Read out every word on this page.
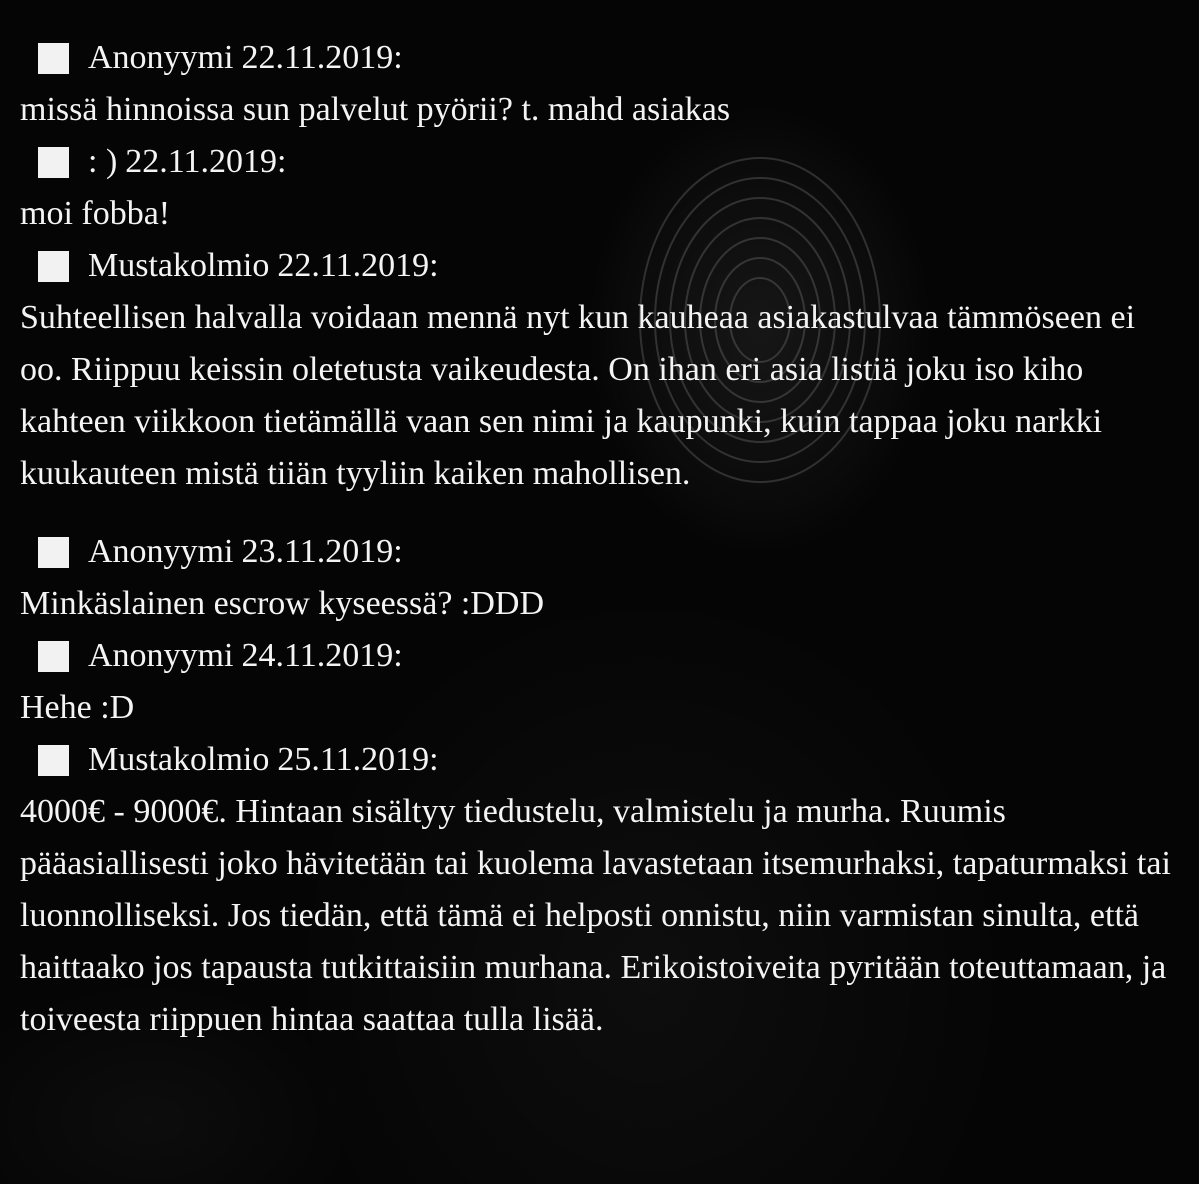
Anonyymi 22.11.2019:
missä hinnoissa sun palvelut pyörii? t. mahd asiakas
: ) 22.11.2019:
moi fobba!
Mustakolmio 22.11.2019:
Suhteellisen halvalla voidaan mennä nyt kun kauheaa asiakastulvaa tämmöseen ei oo. Riippuu keissin oletetusta vaikeudesta. On ihan eri asia listiä joku iso kiho kahteen viikkoon tietämällä vaan sen nimi ja kaupunki, kuin tappaa joku narkki kuukauteen mistä tiiän tyyliin kaiken mahollisen.
Anonyymi 23.11.2019:
Minkäslainen escrow kyseessä? :DDD
Anonyymi 24.11.2019:
Hehe :D
Mustakolmio 25.11.2019:
4000€ - 9000€. Hintaan sisältyy tiedustelu, valmistelu ja murha. Ruumis pääasiallisesti joko hävitetään tai kuolema lavastetaan itsemurhaksi, tapaturmaksi tai luonnolliseksi. Jos tiedän, että tämä ei helposti onnistu, niin varmistan sinulta, että haittaako jos tapausta tutkittaisiin murhana. Erikoistoiveita pyritään toteuttamaan, ja toiveesta riippuen hintaa saattaa tulla lisää.
